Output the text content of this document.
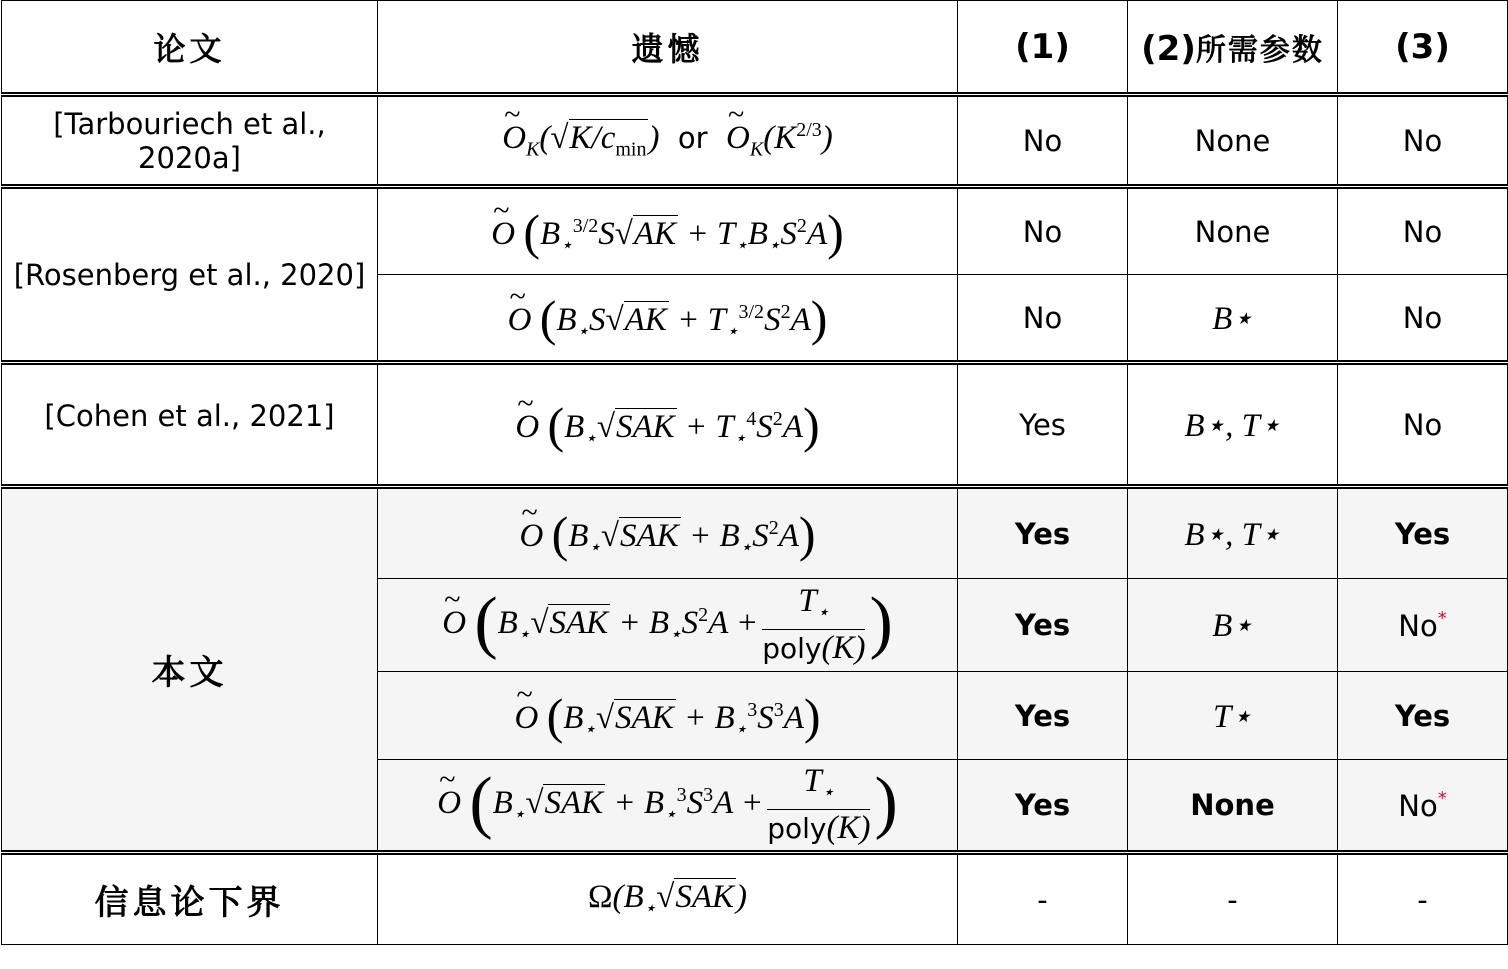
论文	遗憾	(1)	(2)所需参数	(3)
[Tarbouriech et al., 2020a]	~ $O_K(√K/c_{min})$ or ~ $O_K(K^{2/3})$	No	None	No
[Rosenberg et al., 2020]	~ O $(B_⋆^{3/2}S√AK + T_⋆B_⋆S^2A)$	No	None	No
	~ O $(B_⋆S√AK + T_⋆^{3/2}S^2A)$	No	B⋆	No
[Cohen et al., 2021]	~ O $(B_⋆√SAK + T_⋆^4S^2A)$	Yes	B⋆, T⋆	No
本文	~ O $(B_⋆√SAK + B_⋆S^2A)$	Yes	B⋆, T⋆	Yes
	~ O ($B_⋆√SAK + B_⋆S^2A + \frac{T_⋆}{\text{poly(K)}}$ )	Yes	B⋆	No*
	~ O $(B_⋆√SAK + B_⋆^3S^3A)$	Yes	T⋆	Yes
	~ O ($B_⋆√SAK + B_⋆^3S^3A + \frac{T_⋆}{\text{poly(K)}}$ )	Yes	None	No*
信息论下界	$\Omega(B_⋆√SAK)$	-	-	-
